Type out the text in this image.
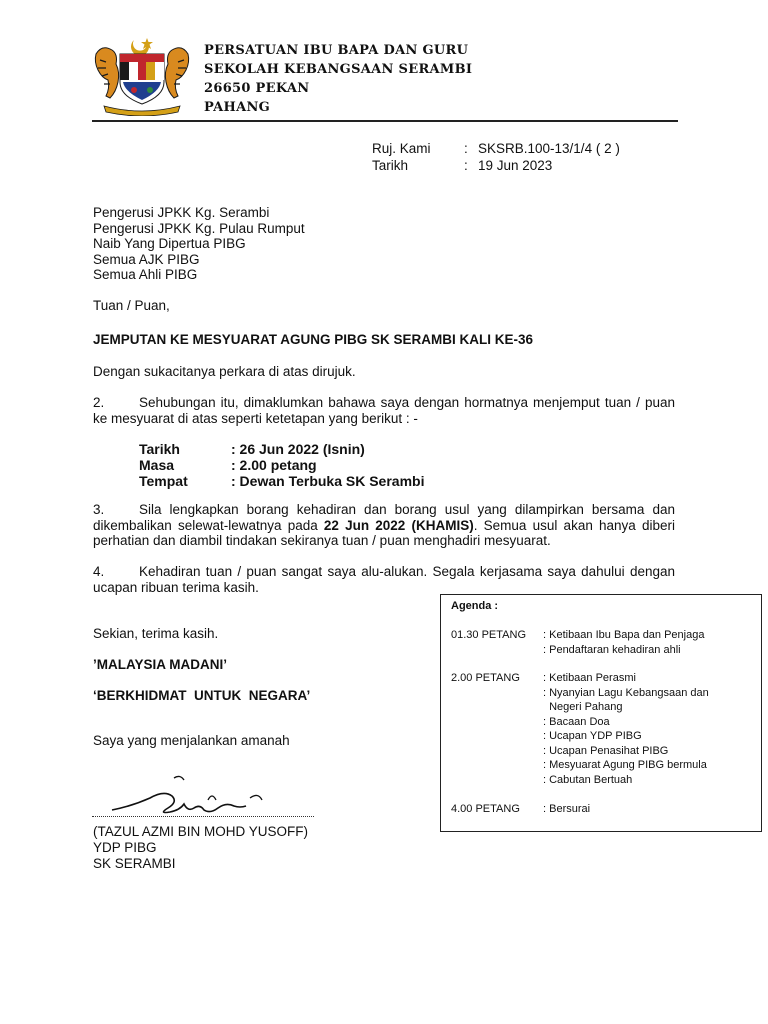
PERSATUAN IBU BAPA DAN GURU
SEKOLAH KEBANGSAAN SERAMBI
26650 PEKAN
PAHANG
Ruj. Kami	: SKSRB.100-13/1/4 ( 2 )
Tarikh	: 19 Jun 2023
Pengerusi JPKK Kg. Serambi
Pengerusi JPKK Kg. Pulau Rumput
Naib Yang Dipertua PIBG
Semua AJK PIBG
Semua Ahli PIBG
Tuan / Puan,
JEMPUTAN KE MESYUARAT AGUNG PIBG SK SERAMBI KALI KE-36
Dengan sukacitanya perkara di atas dirujuk.
2.	Sehubungan itu, dimaklumkan bahawa saya dengan hormatnya menjemput tuan / puan ke mesyuarat di atas seperti ketetapan yang berikut : -
Tarikh	: 26 Jun 2022 (Isnin)
Masa	: 2.00 petang
Tempat	: Dewan Terbuka SK Serambi
3.	Sila lengkapkan borang kehadiran dan borang usul yang dilampirkan bersama dan dikembalikan selewat-lewatnya pada 22 Jun 2022 (KHAMIS). Semua usul akan hanya diberi perhatian dan diambil tindakan sekiranya tuan / puan menghadiri mesyuarat.
4.	Kehadiran tuan / puan sangat saya alu-alukan. Segala kerjasama saya dahului dengan ucapan ribuan terima kasih.
Sekian, terima kasih.
’MALAYSIA MADANI’
‘BERKHIDMAT  UNTUK  NEGARA’
Saya yang menjalankan amanah
(TAZUL AZMI BIN MOHD YUSOFF)
YDP PIBG
SK SERAMBI
Agenda :
01.30 PETANG	: Ketibaan Ibu Bapa dan Penjaga
: Pendaftaran kehadiran ahli
2.00 PETANG	: Ketibaan Perasmi
: Nyanyian Lagu Kebangsaan dan
Negeri Pahang
: Bacaan Doa
: Ucapan YDP PIBG
: Ucapan Penasihat PIBG
: Mesyuarat Agung PIBG bermula
: Cabutan Bertuah
4.00 PETANG	: Bersurai
